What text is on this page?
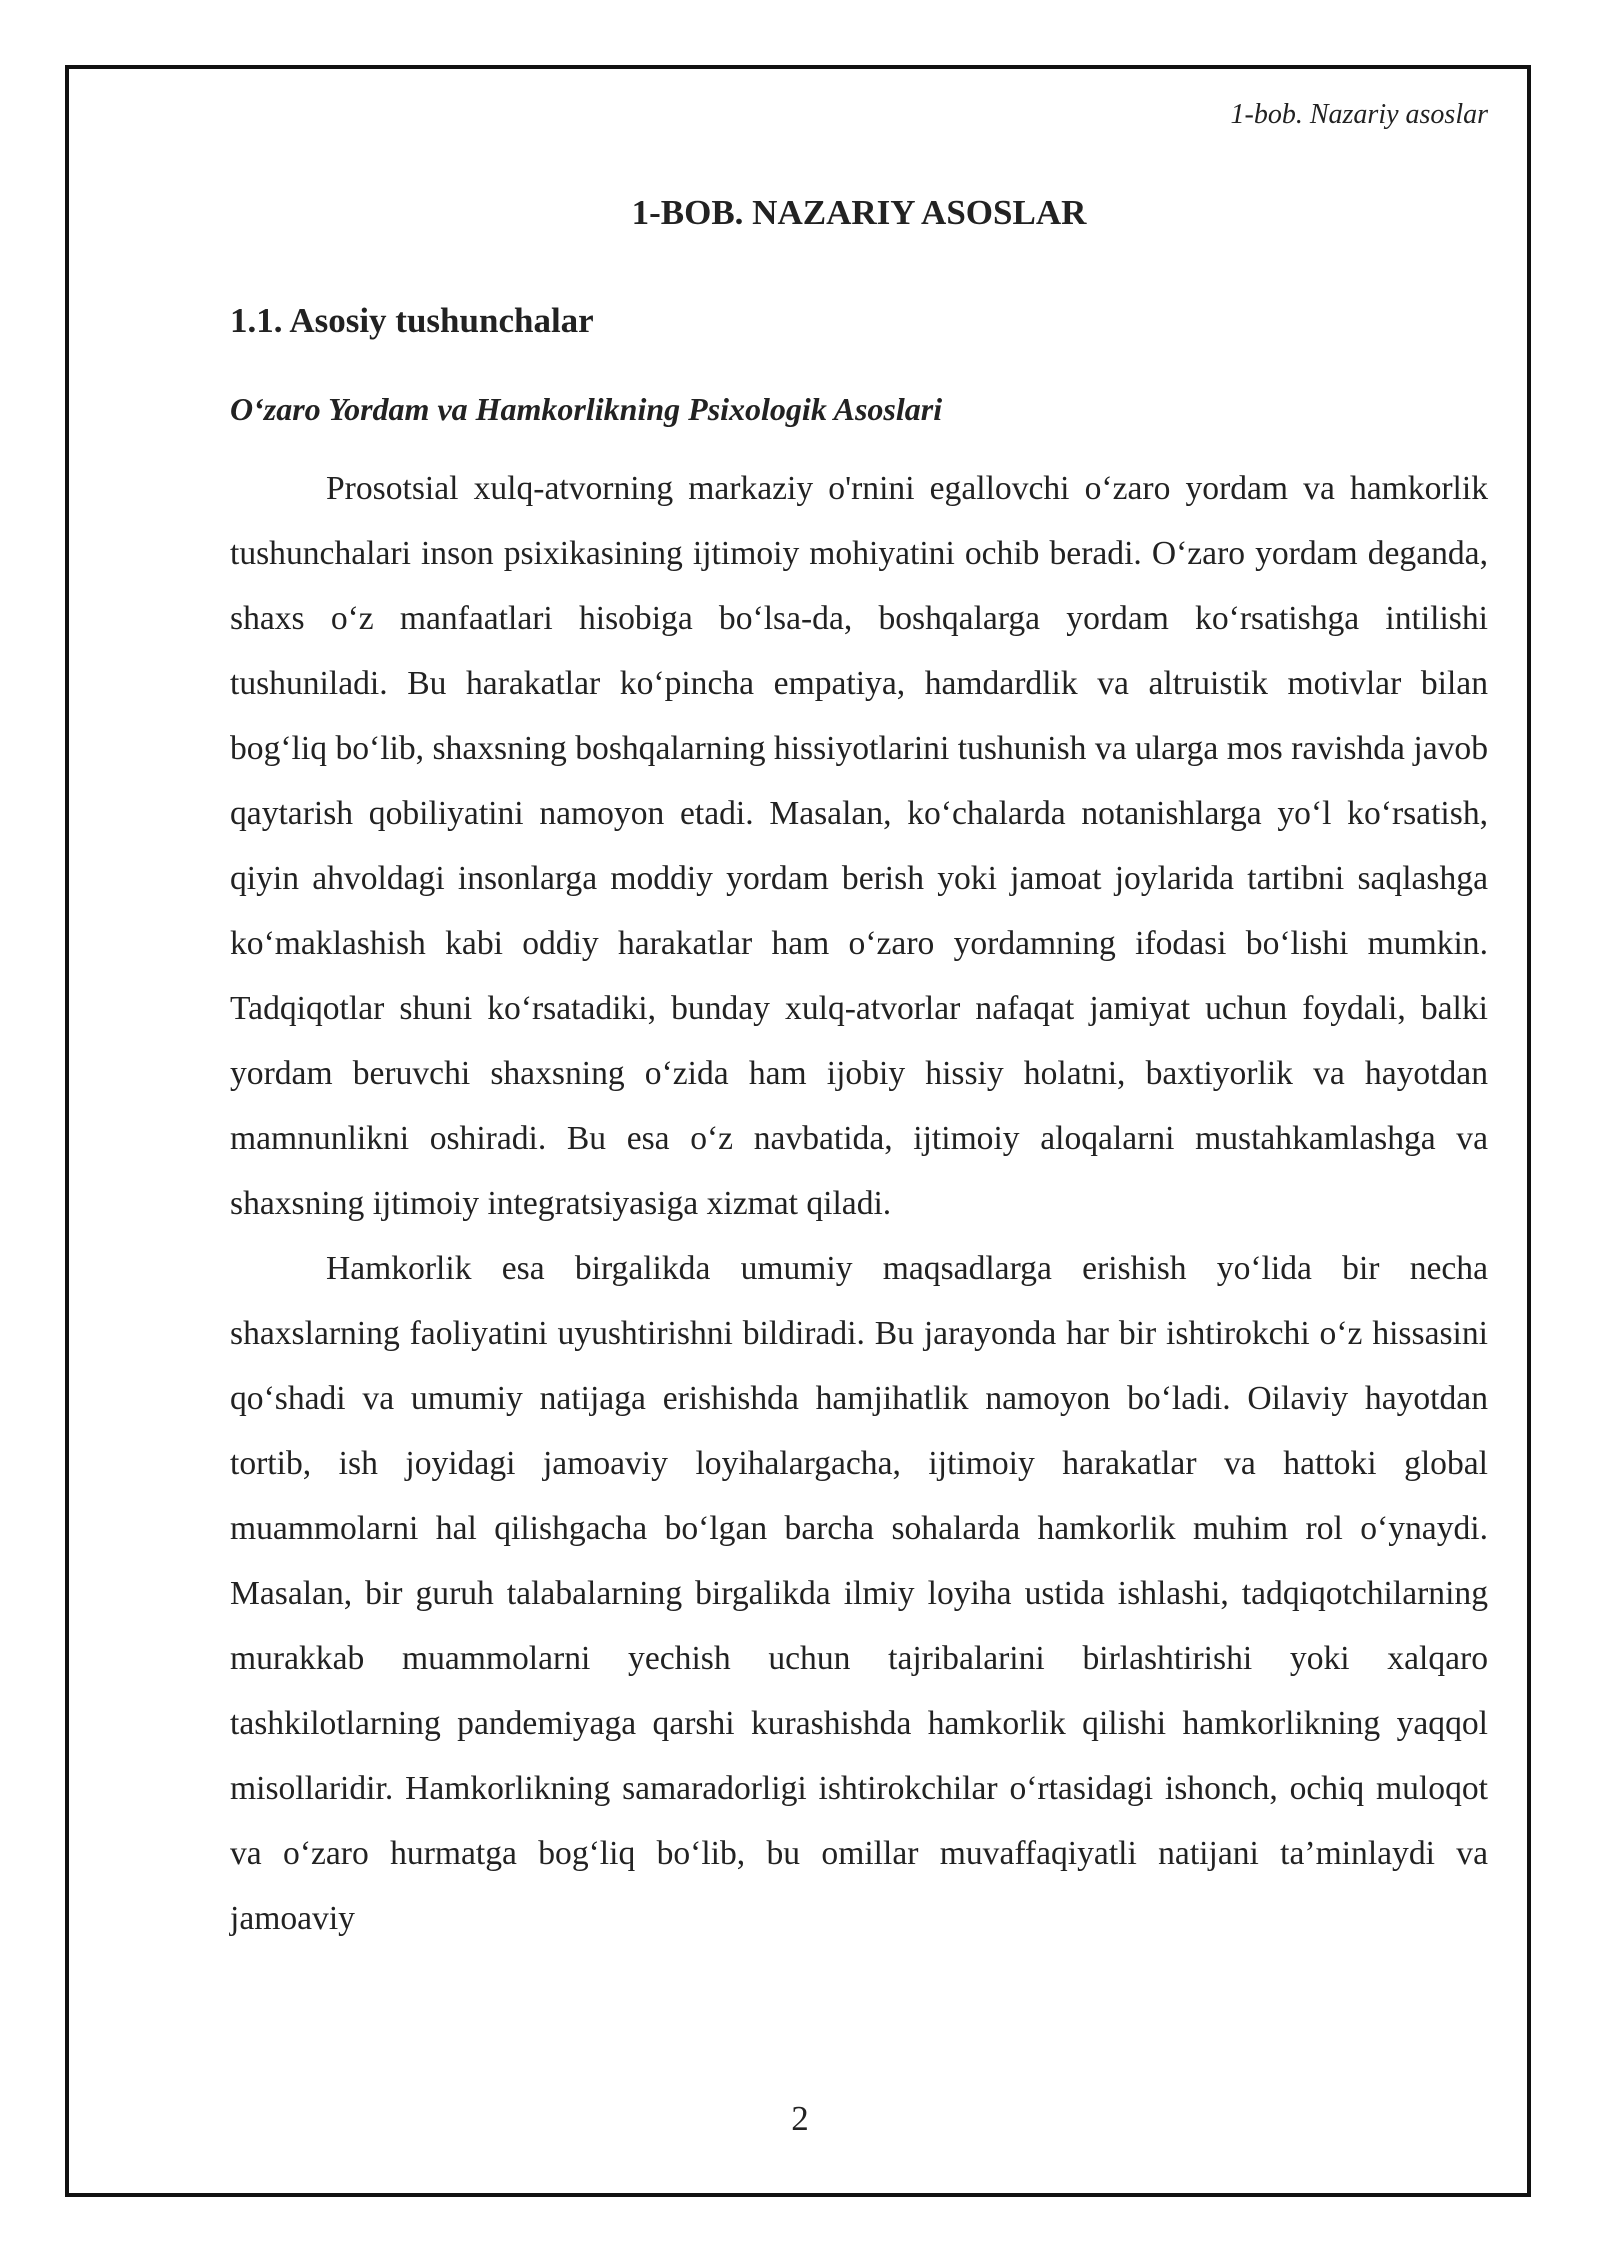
1-bob. Nazariy asoslar

1-BOB. NAZARIY ASOSLAR
1.1. Asosiy tushunchalar
O‘zaro Yordam va Hamkorlikning Psixologik Asoslari

Prosotsial xulq-atvorning markaziy o'rnini egallovchi o‘zaro yordam va hamkorlik tushunchalari inson psixikasining ijtimoiy mohiyatini ochib beradi. O‘zaro yordam deganda, shaxs o‘z manfaatlari hisobiga bo‘lsa-da, boshqalarga yordam ko‘rsatishga intilishi tushuniladi. Bu harakatlar ko‘pincha empatiya, hamdardlik va altruistik motivlar bilan bog‘liq bo‘lib, shaxsning boshqalarning hissiyotlarini tushunish va ularga mos ravishda javob qaytarish qobiliyatini namoyon etadi. Masalan, ko‘chalarda notanishlarga yo‘l ko‘rsatish, qiyin ahvoldagi insonlarga moddiy yordam berish yoki jamoat joylarida tartibni saqlashga ko‘maklashish kabi oddiy harakatlar ham o‘zaro yordamning ifodasi bo‘lishi mumkin. Tadqiqotlar shuni ko‘rsatadiki, bunday xulq-atvorlar nafaqat jamiyat uchun foydali, balki yordam beruvchi shaxsning o‘zida ham ijobiy hissiy holatni, baxtiyorlik va hayotdan mamnunlikni oshiradi. Bu esa o‘z navbatida, ijtimoiy aloqalarni mustahkamlashga va shaxsning ijtimoiy integratsiyasiga xizmat qiladi.

Hamkorlik esa birgalikda umumiy maqsadlarga erishish yo‘lida bir necha shaxslarning faoliyatini uyushtirishni bildiradi. Bu jarayonda har bir ishtirokchi o‘z hissasini qo‘shadi va umumiy natijaga erishishda hamjihatlik namoyon bo‘ladi. Oilaviy hayotdan tortib, ish joyidagi jamoaviy loyihalargacha, ijtimoiy harakatlar va hattoki global muammolarni hal qilishgacha bo‘lgan barcha sohalarda hamkorlik muhim rol o‘ynaydi. Masalan, bir guruh talabalarning birgalikda ilmiy loyiha ustida ishlashi, tadqiqotchilarning murakkab muammolarni yechish uchun tajribalarini birlashtirishi yoki xalqaro tashkilotlarning pandemiyaga qarshi kurashishda hamkorlik qilishi hamkorlikning yaqqol misollaridir. Hamkorlikning samaradorligi ishtirokchilar o‘rtasidagi ishonch, ochiq muloqot va o‘zaro hurmatga bog‘liq bo‘lib, bu omillar muvaffaqiyatli natijani ta’minlaydi va jamoaviy

2
